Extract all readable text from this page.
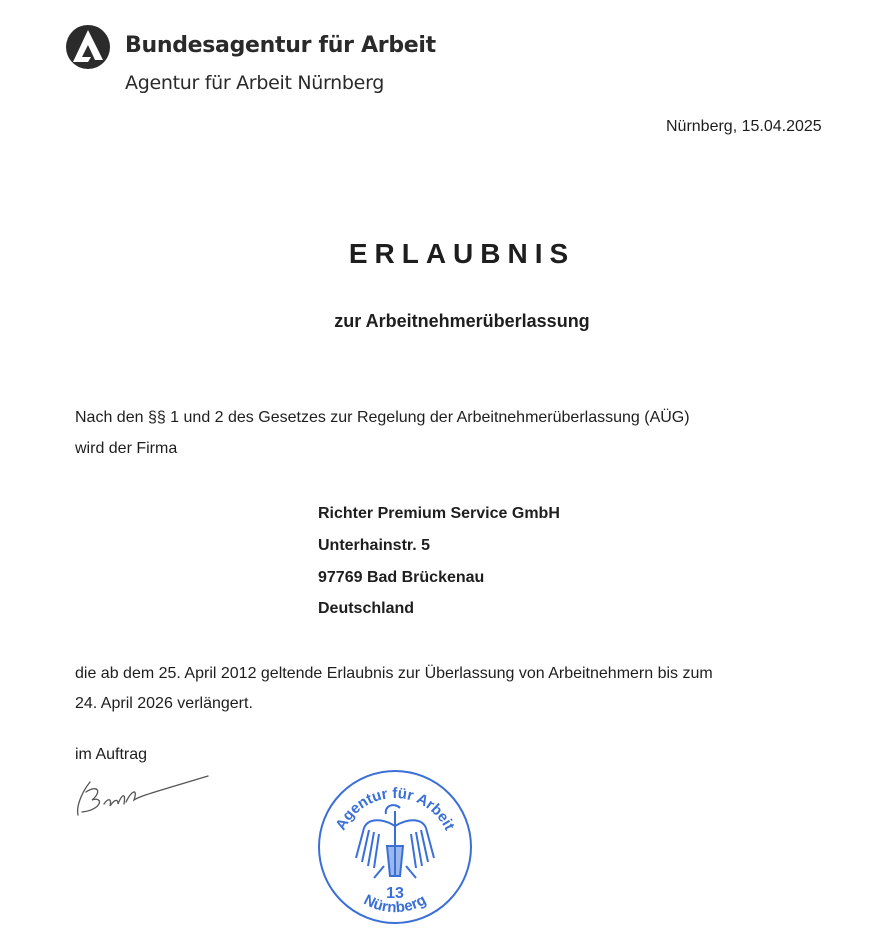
Bundesagentur für Arbeit
Agentur für Arbeit Nürnberg
Nürnberg, 15.04.2025
ERLAUBNIS
zur Arbeitnehmerüberlassung
Nach den §§ 1 und 2 des Gesetzes zur Regelung der Arbeitnehmerüberlassung (AÜG)
wird der Firma
Richter Premium Service GmbH
Unterhainstr. 5
97769 Bad Brückenau
Deutschland
die ab dem 25. April 2012 geltende Erlaubnis zur Überlassung von Arbeitnehmern bis zum
24. April 2026 verlängert.
im Auftrag
Agentur für Arbeit
13
Nürnberg
